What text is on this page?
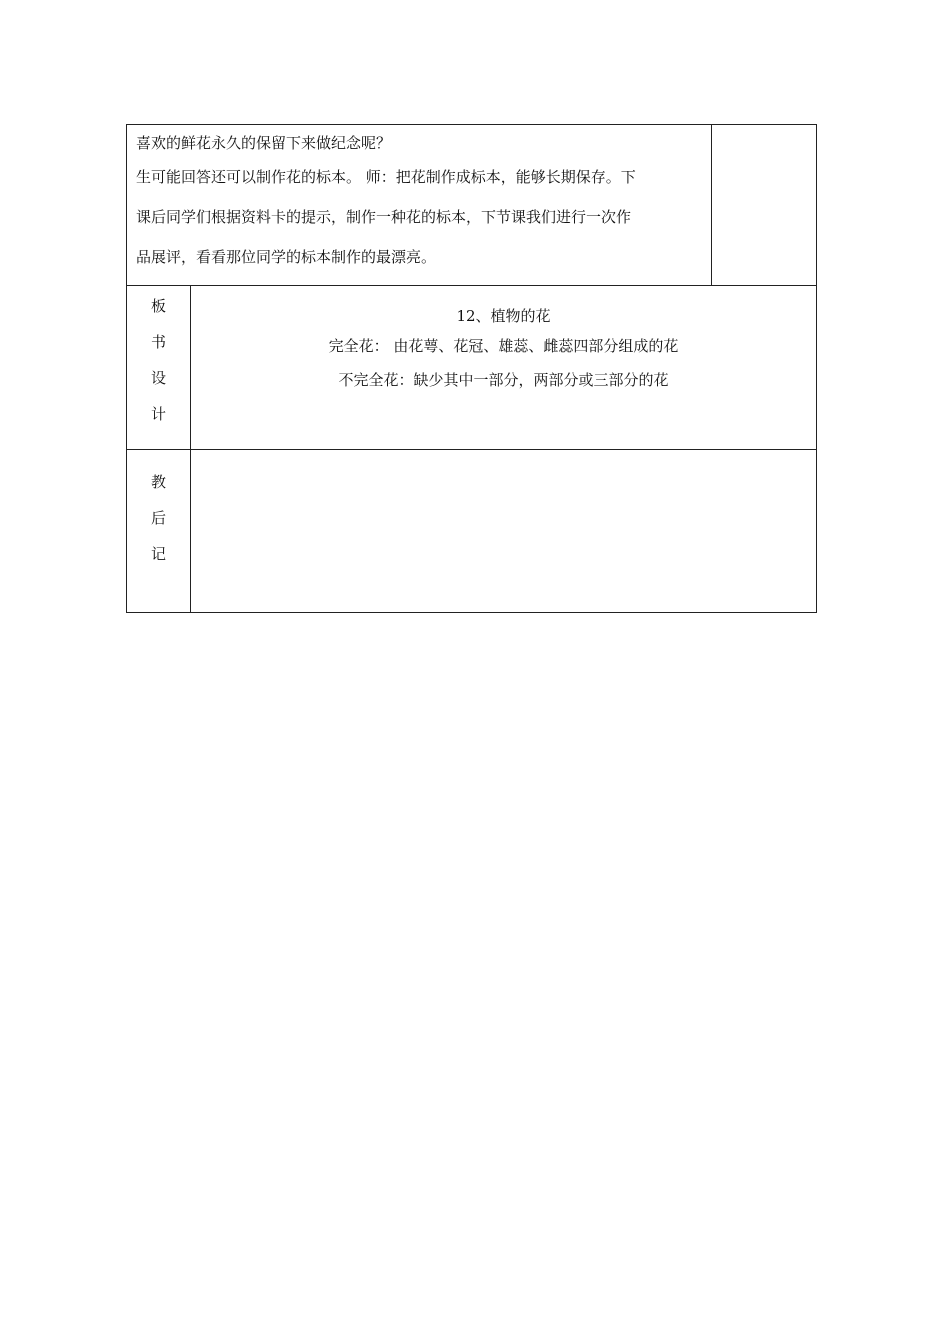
喜欢的鲜花永久的保留下来做纪念呢？
生可能回答还可以制作花的标本。 师：把花制作成标本，能够长期保存。下
课后同学们根据资料卡的提示，制作一种花的标本，下节课我们进行一次作
品展评，看看那位同学的标本制作的最漂亮。		

板
书
设
计	12、植物的花
完全花： 由花萼、花冠、雄蕊、雌蕊四部分组成的花
不完全花：缺少其中一部分，两部分或三部分的花	

教
后
记		
